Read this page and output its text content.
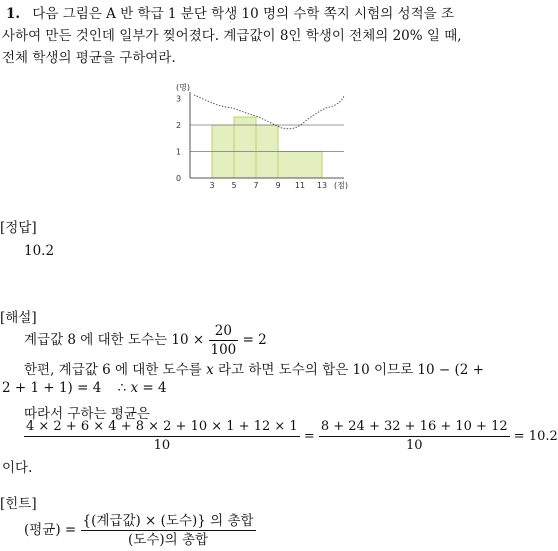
1. 다음 그림은 A 반 학급 1 분단 학생 10 명의 수학 쪽지 시험의 성적을 조
사하여 만든 것인데 일부가 찢어졌다. 계급값이 8인 학생이 전체의 20% 일 때,
전체 학생의 평균을 구하여라.
(명)
(점)
0
1
2
3
3 5 7 9 11 13
[정답]
10.2
[해설]
계급값 8 에 대한 도수는 $10 \times \frac{20}{100} = 2$
한편, 계급값 6 에 대한 도수를 x 라고 하면 도수의 합은 10 이므로 10 − (2 +
2 + 1 + 1) = 4 ∴ x = 4
따라서 구하는 평균은
$\frac{4 \times 2 + 6 \times 4 + 8 \times 2 + 10 \times 1 + 12 \times 1}{10} = \frac{8 + 24 + 32 + 16 + 10 + 12}{10} = 10.2$
이다.
[힌트]
(평균) = $\frac{\text{\{(계급값) × (도수)\} 의 총합}}{\text{(도수)의 총합}}$
